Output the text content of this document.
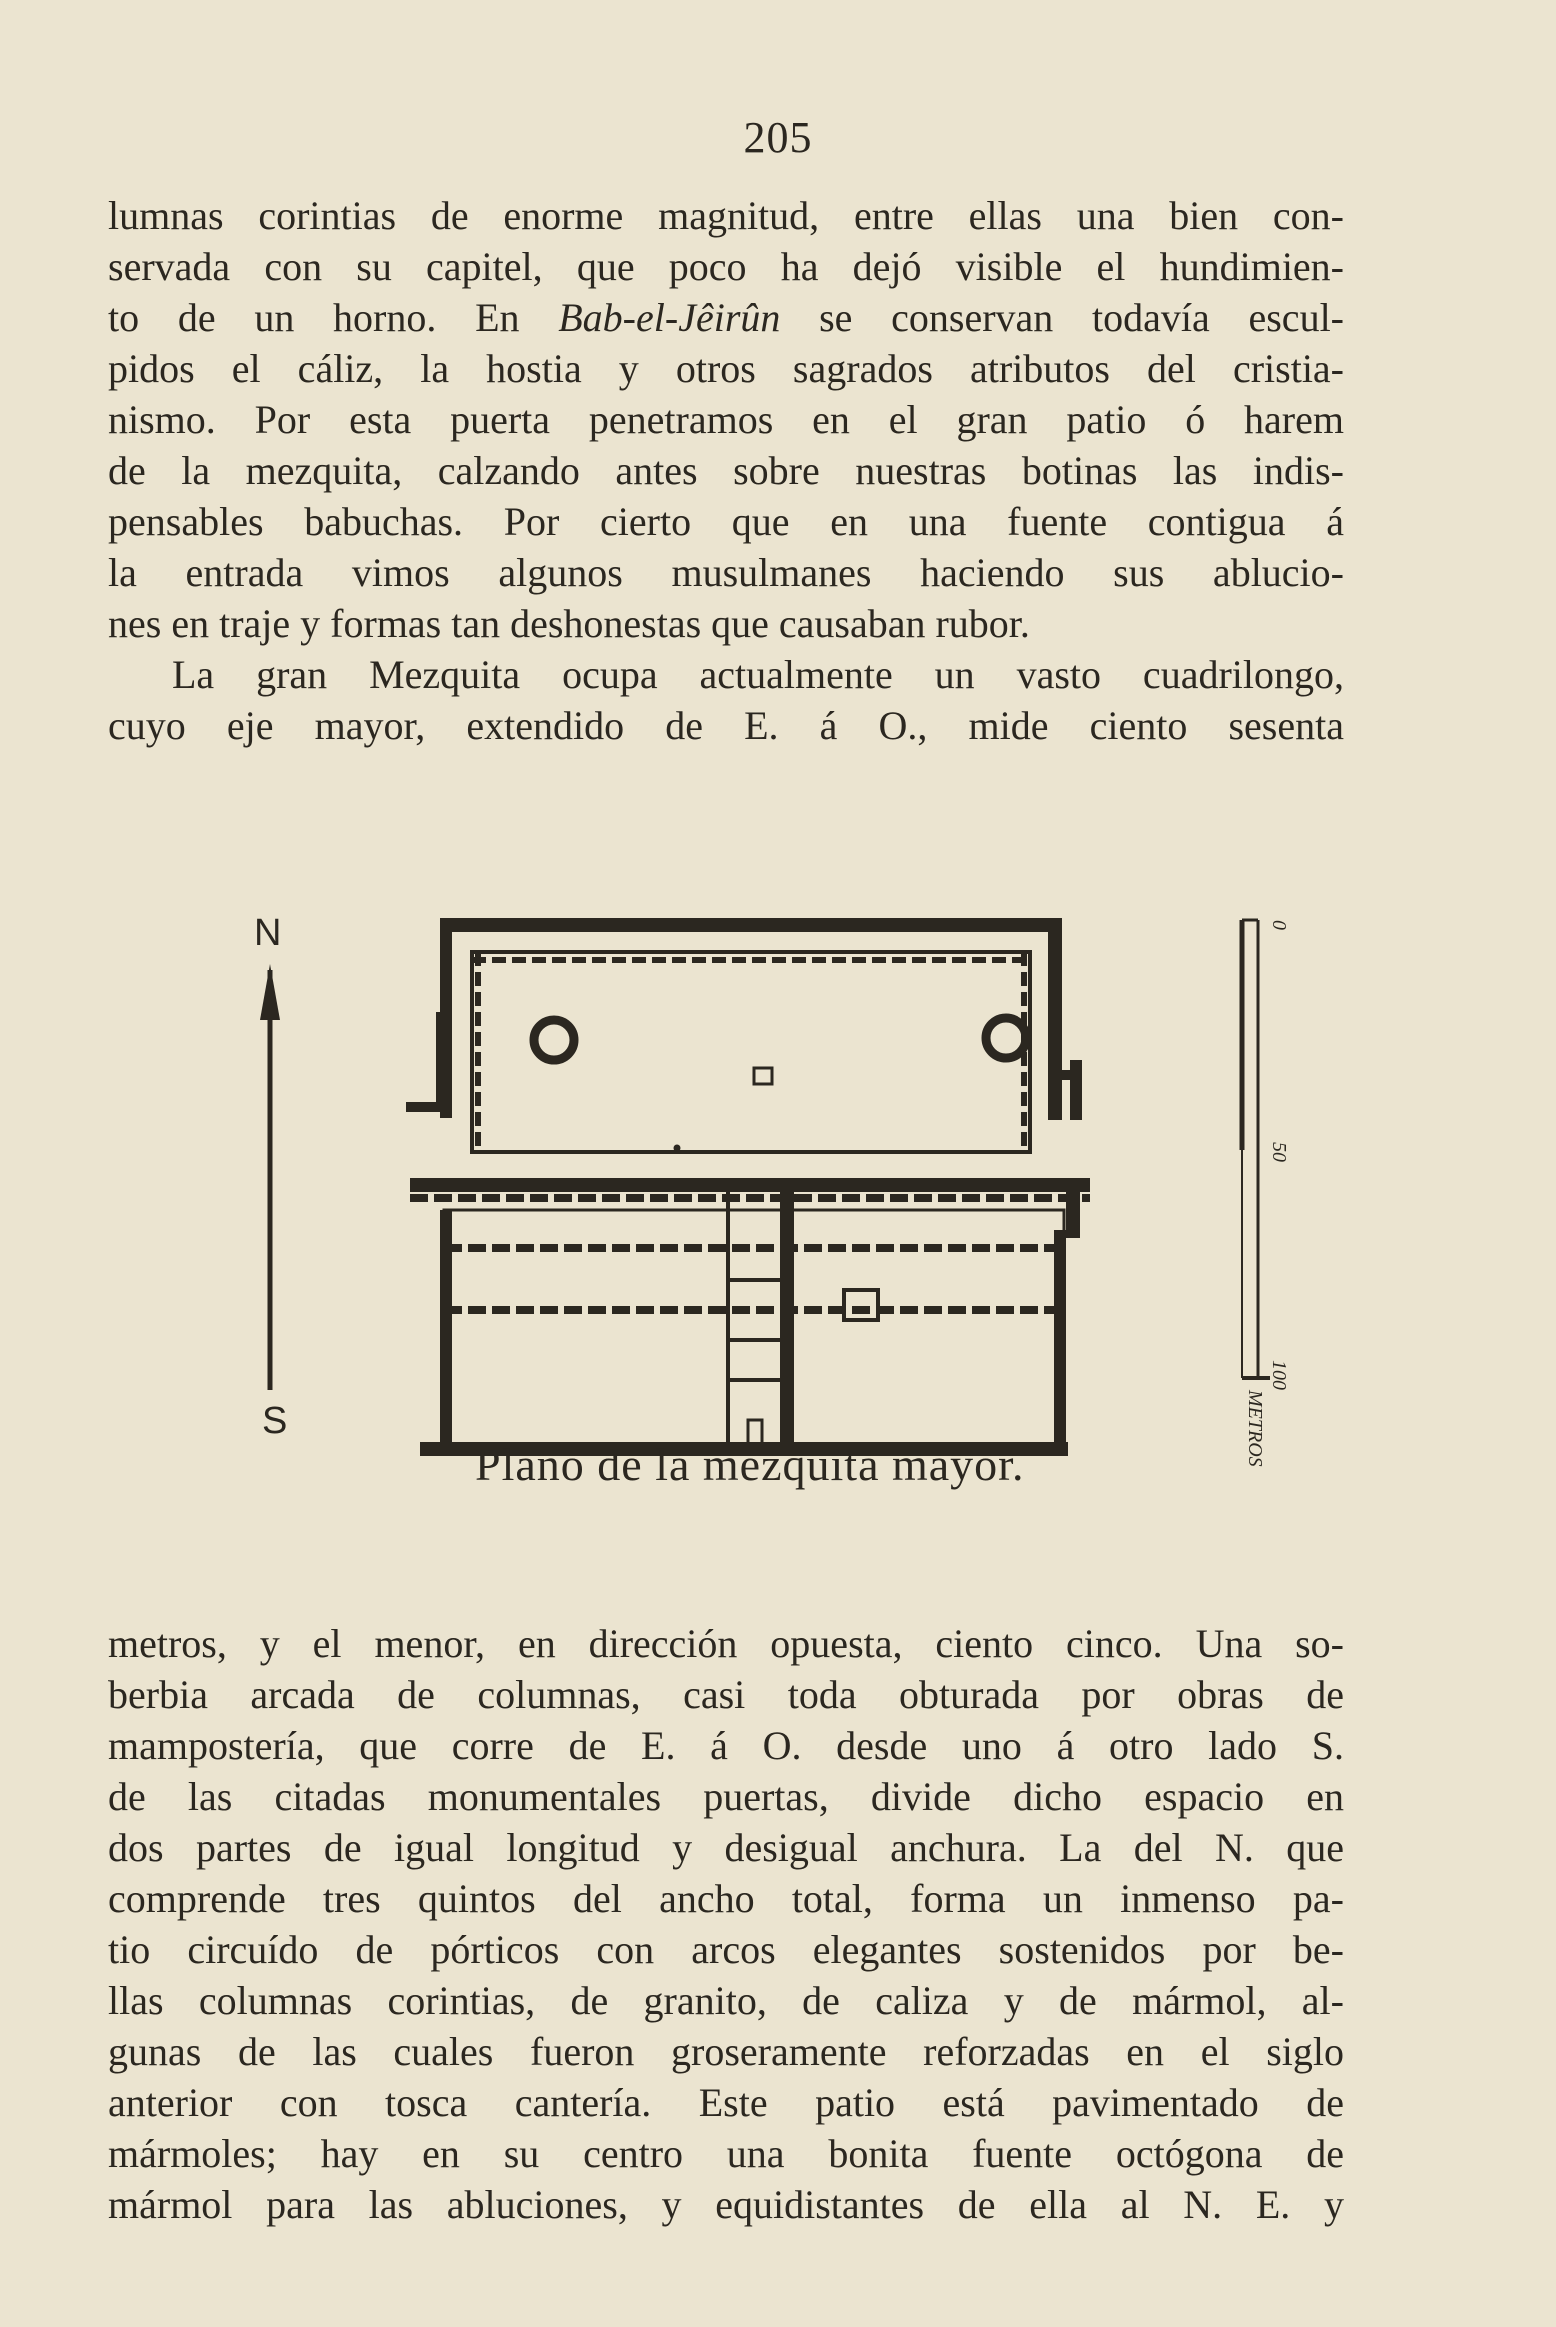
205
lumnas corintias de enorme magnitud, entre ellas una bien con-
servada con su capitel, que poco ha dejó visible el hundimien-
to de un horno. En Bab-el-Jêirûn se conservan todavía escul-
pidos el cáliz, la hostia y otros sagrados atributos del cristia-
nismo. Por esta puerta penetramos en el gran patio ó harem
de la mezquita, calzando antes sobre nuestras botinas las indis-
pensables babuchas. Por cierto que en una fuente contigua á
la entrada vimos algunos musulmanes haciendo sus ablucio-
nes en traje y formas tan deshonestas que causaban rubor.
La gran Mezquita ocupa actualmente un vasto cuadrilongo,
cuyo eje mayor, extendido de E. á O., mide ciento sesenta
N
S
Plano de la mezquita mayor.
0
50
100
METROS
metros, y el menor, en dirección opuesta, ciento cinco. Una so-
berbia arcada de columnas, casi toda obturada por obras de
mampostería, que corre de E. á O. desde uno á otro lado S.
de las citadas monumentales puertas, divide dicho espacio en
dos partes de igual longitud y desigual anchura. La del N. que
comprende tres quintos del ancho total, forma un inmenso pa-
tio circuído de pórticos con arcos elegantes sostenidos por be-
llas columnas corintias, de granito, de caliza y de mármol, al-
gunas de las cuales fueron groseramente reforzadas en el siglo
anterior con tosca cantería. Este patio está pavimentado de
mármoles; hay en su centro una bonita fuente octógona de
mármol para las abluciones, y equidistantes de ella al N. E. y
